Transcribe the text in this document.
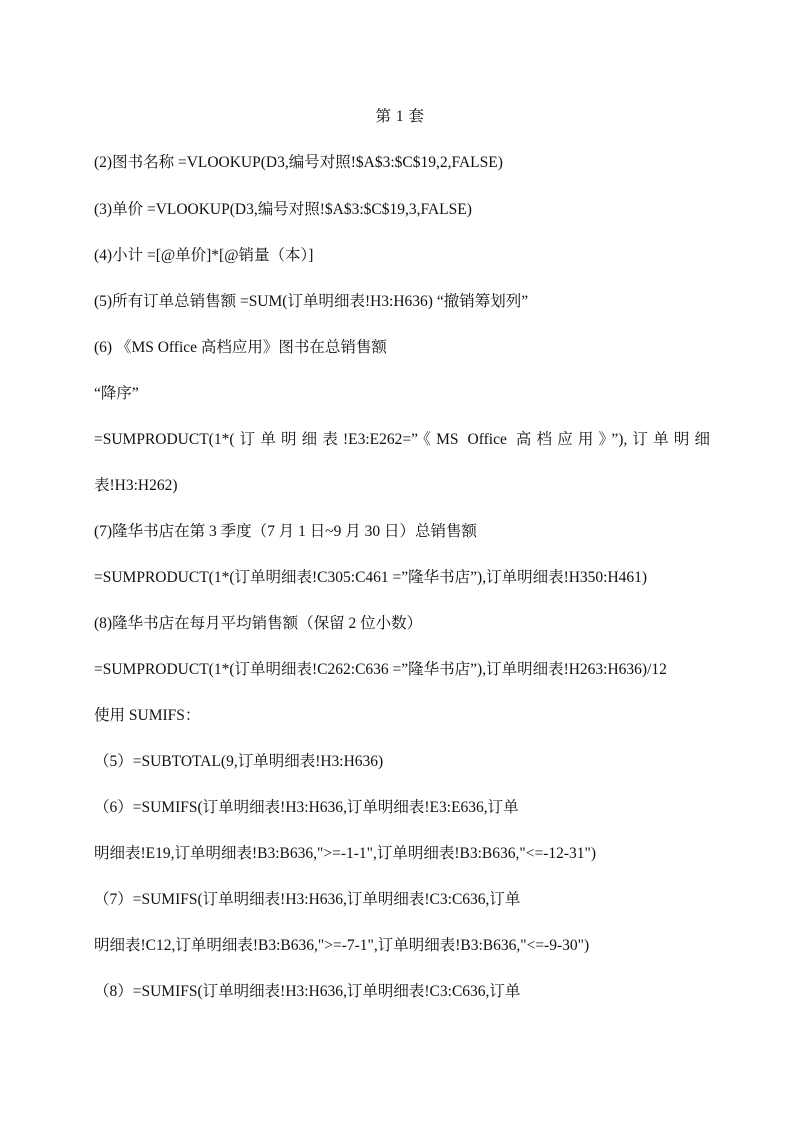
第 1 套
(2)图书名称 =VLOOKUP(D3,编号对照!$A$3:$C$19,2,FALSE)
(3)单价 =VLOOKUP(D3,编号对照!$A$3:$C$19,3,FALSE)
(4)小计 =[@单价]*[@销量（本）]
(5)所有订单总销售额 =SUM(订单明细表!H3:H636) “撤销筹划列”
(6) 《MS Office 高档应用》图书在总销售额
“降序”
=SUMPRODUCT(1*(订单明细表!E3:E262=”《MS Office 高档应用》”),订单明细
表!H3:H262)
(7)隆华书店在第 3 季度（7 月 1 日~9 月 30 日）总销售额
=SUMPRODUCT(1*(订单明细表!C305:C461 =”隆华书店”),订单明细表!H350:H461)
(8)隆华书店在每月平均销售额（保留 2 位小数）
=SUMPRODUCT(1*(订单明细表!C262:C636 =”隆华书店”),订单明细表!H263:H636)/12
使用 SUMIFS：
（5）=SUBTOTAL(9,订单明细表!H3:H636)
（6）=SUMIFS(订单明细表!H3:H636,订单明细表!E3:E636,订单
明细表!E19,订单明细表!B3:B636,">=-1-1",订单明细表!B3:B636,"<=-12-31")
（7）=SUMIFS(订单明细表!H3:H636,订单明细表!C3:C636,订单
明细表!C12,订单明细表!B3:B636,">=-7-1",订单明细表!B3:B636,"<=-9-30")
（8）=SUMIFS(订单明细表!H3:H636,订单明细表!C3:C636,订单
